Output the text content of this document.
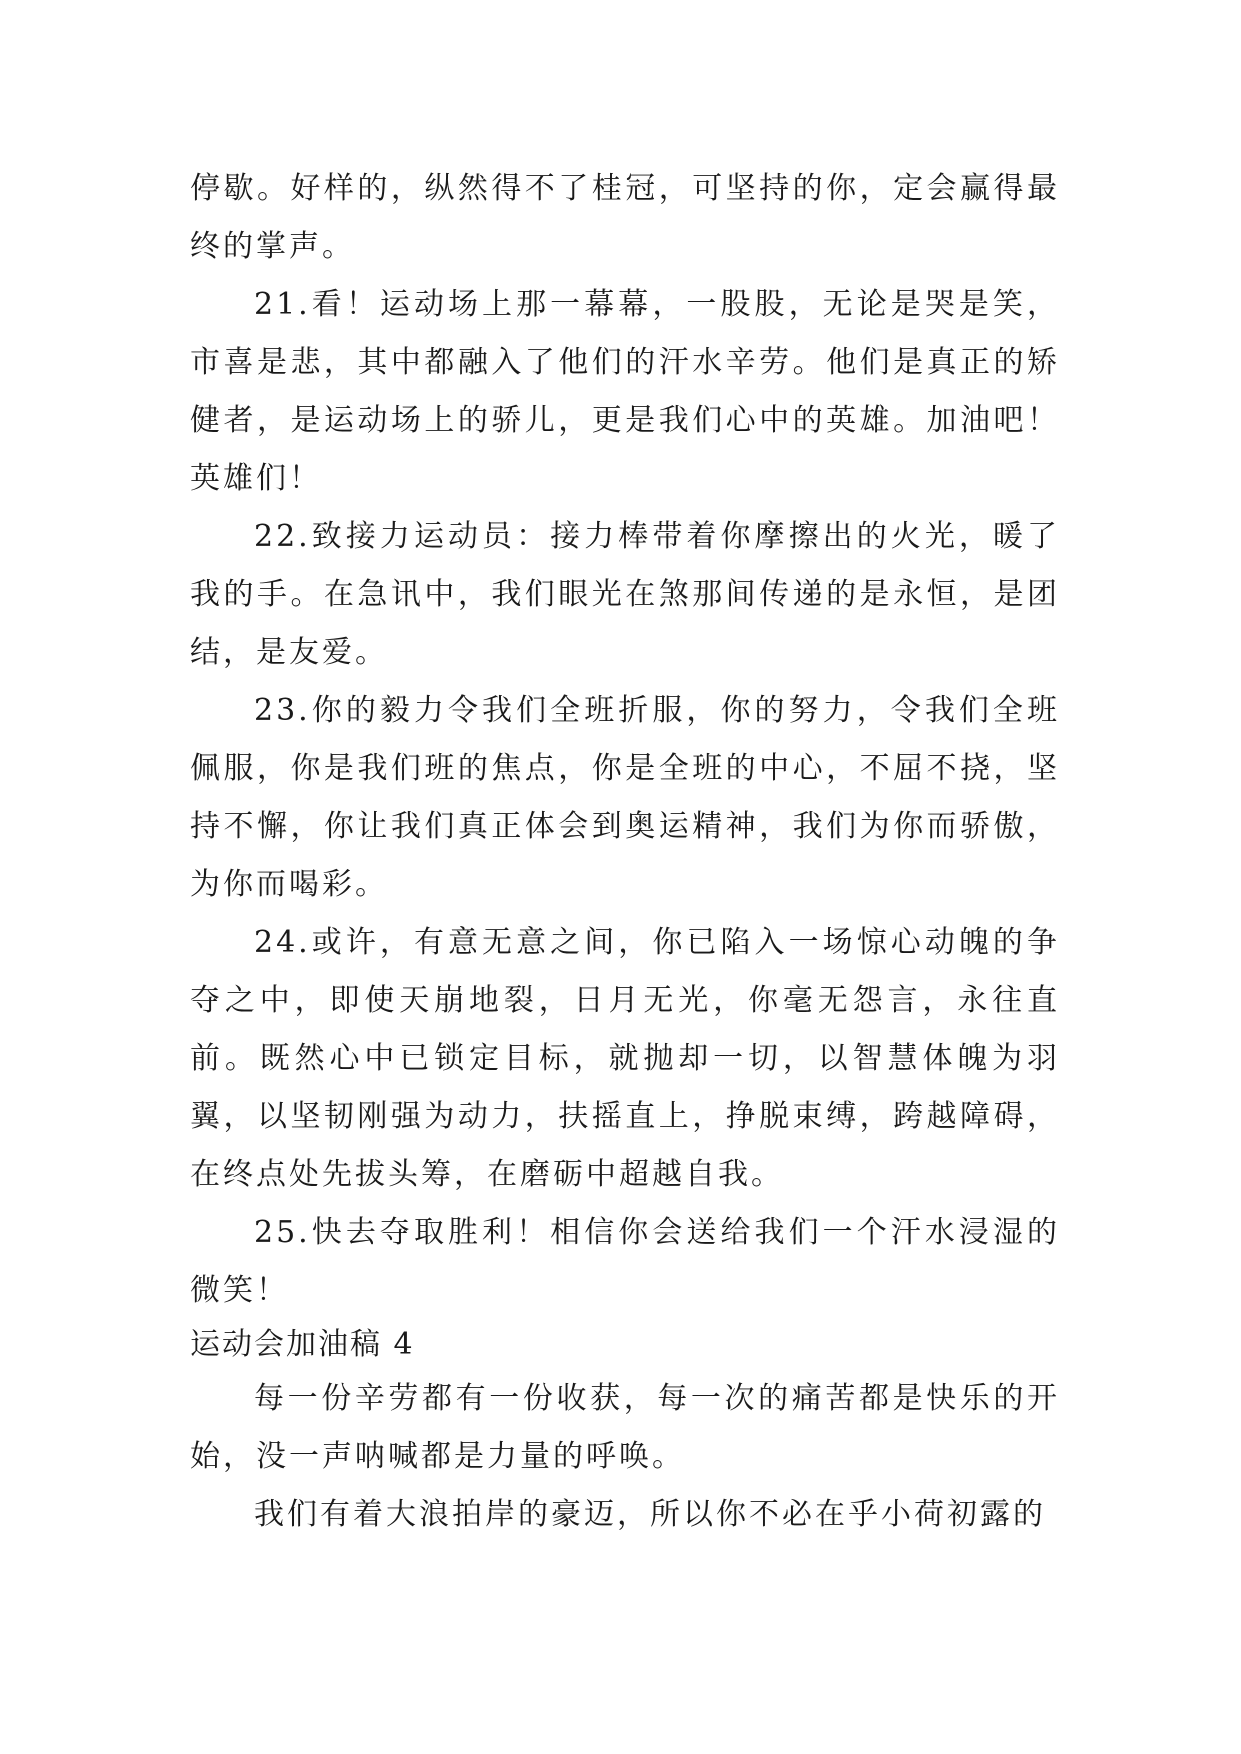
停歇。好样的，纵然得不了桂冠，可坚持的你，定会赢得最终的掌声。

21.看！运动场上那一幕幕，一股股，无论是哭是笑，市喜是悲，其中都融入了他们的汗水辛劳。他们是真正的矫健者，是运动场上的骄儿，更是我们心中的英雄。加油吧！英雄们！

22.致接力运动员：接力棒带着你摩擦出的火光，暖了我的手。在急讯中，我们眼光在煞那间传递的是永恒，是团结，是友爱。

23.你的毅力令我们全班折服，你的努力，令我们全班佩服，你是我们班的焦点，你是全班的中心，不屈不挠，坚持不懈，你让我们真正体会到奥运精神，我们为你而骄傲，为你而喝彩。

24.或许，有意无意之间，你已陷入一场惊心动魄的争夺之中，即使天崩地裂，日月无光，你毫无怨言，永往直前。既然心中已锁定目标，就抛却一切，以智慧体魄为羽翼，以坚韧刚强为动力，扶摇直上，挣脱束缚，跨越障碍，在终点处先拔头筹，在磨砺中超越自我。

25.快去夺取胜利！相信你会送给我们一个汗水浸湿的微笑！

运动会加油稿 4

每一份辛劳都有一份收获，每一次的痛苦都是快乐的开始，没一声呐喊都是力量的呼唤。

我们有着大浪拍岸的豪迈，所以你不必在乎小荷初露的
